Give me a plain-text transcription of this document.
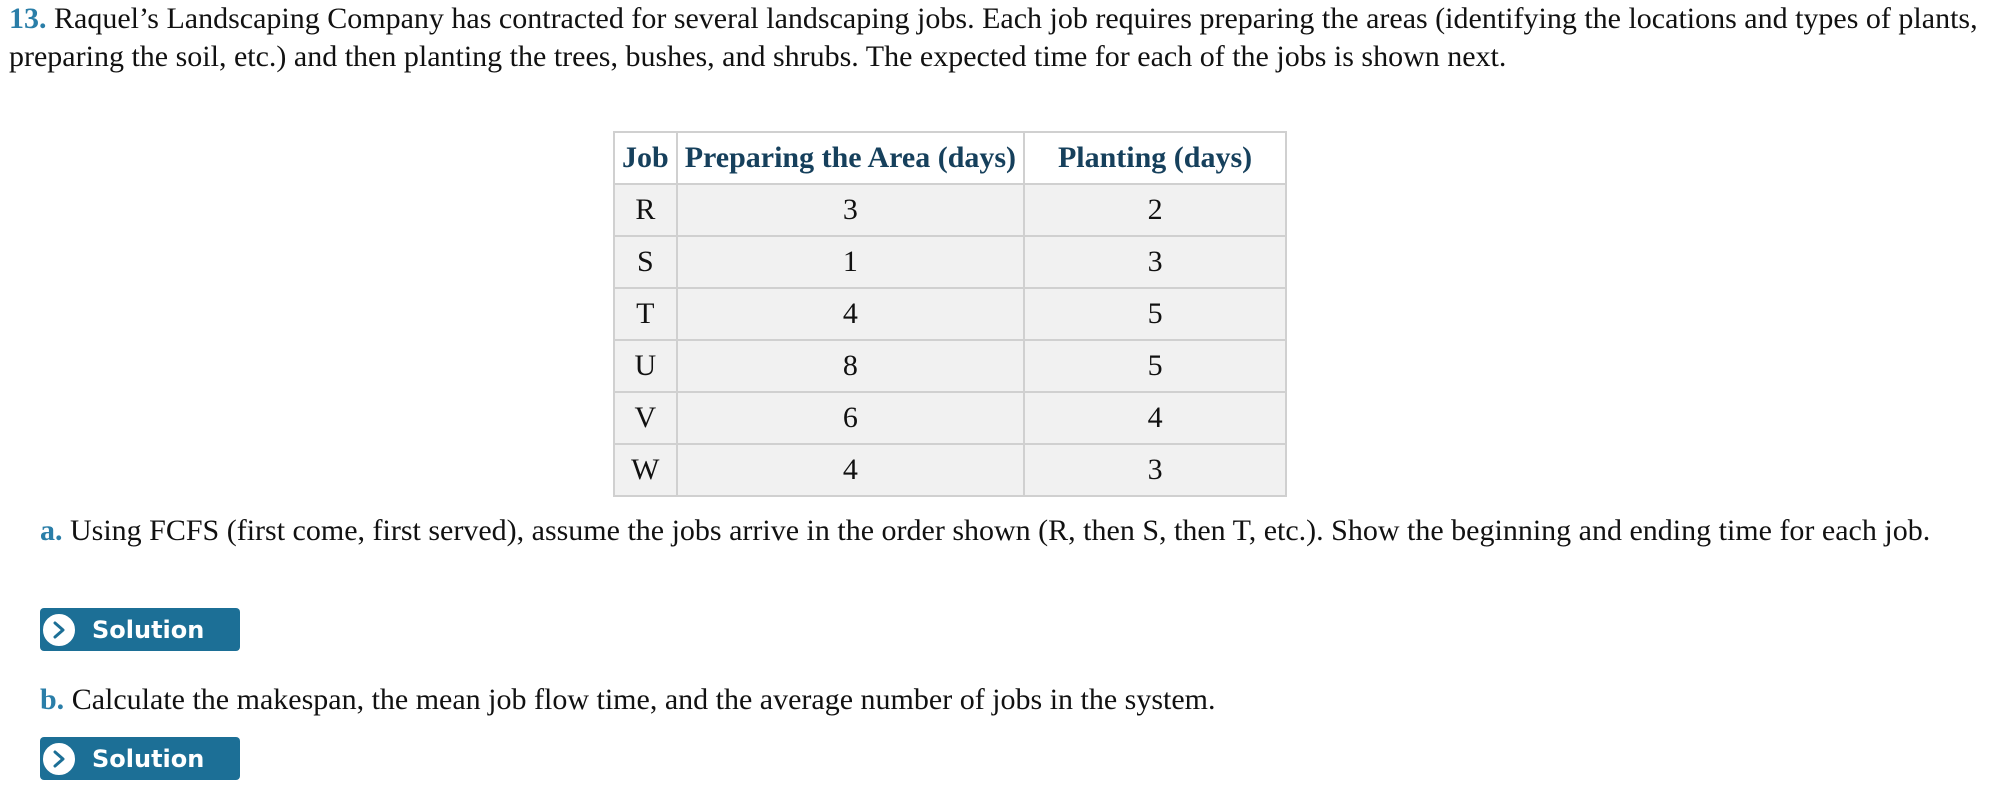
13. Raquel’s Landscaping Company has contracted for several landscaping jobs. Each job requires preparing the areas (identifying the locations and types of plants, preparing the soil, etc.) and then planting the trees, bushes, and shrubs. The expected time for each of the jobs is shown next.

Job	Preparing the Area (days)	Planting (days)
R	3	2
S	1	3
T	4	5
U	8	5
V	6	4
W	4	3

a. Using FCFS (first come, first served), assume the jobs arrive in the order shown (R, then S, then T, etc.). Show the beginning and ending time for each job.

Solution

b. Calculate the makespan, the mean job flow time, and the average number of jobs in the system.

Solution
